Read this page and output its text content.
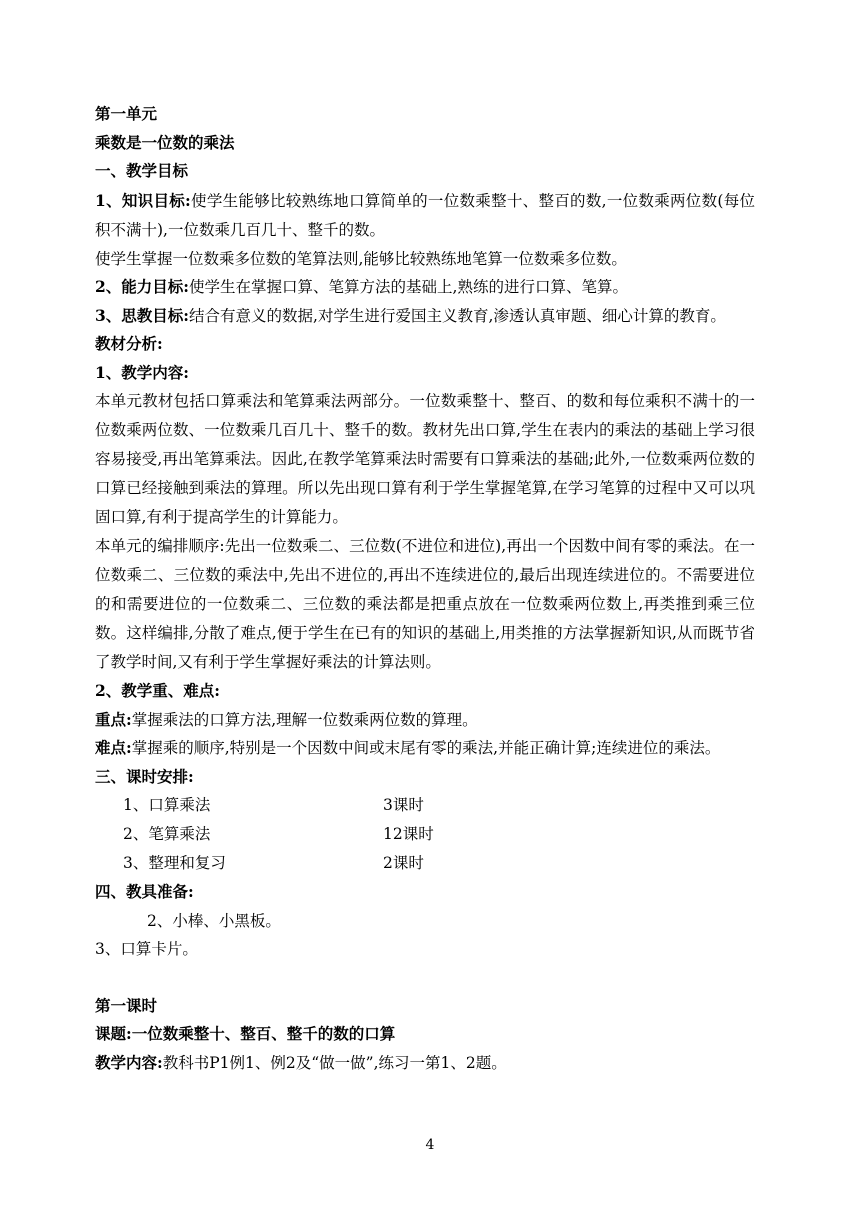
第一单元
乘数是一位数的乘法
一、教学目标
1、知识目标:使学生能够比较熟练地口算简单的一位数乘整十、整百的数,一位数乘两位数(每位积不满十),一位数乘几百几十、整千的数。
使学生掌握一位数乘多位数的笔算法则,能够比较熟练地笔算一位数乘多位数。
2、能力目标:使学生在掌握口算、笔算方法的基础上,熟练的进行口算、笔算。
3、思教目标:结合有意义的数据,对学生进行爱国主义教育,渗透认真审题、细心计算的教育。
教材分析:
1、教学内容:
本单元教材包括口算乘法和笔算乘法两部分。一位数乘整十、整百、的数和每位乘积不满十的一位数乘两位数、一位数乘几百几十、整千的数。教材先出口算,学生在表内的乘法的基础上学习很容易接受,再出笔算乘法。因此,在教学笔算乘法时需要有口算乘法的基础;此外,一位数乘两位数的口算已经接触到乘法的算理。所以先出现口算有利于学生掌握笔算,在学习笔算的过程中又可以巩固口算,有利于提高学生的计算能力。
本单元的编排顺序:先出一位数乘二、三位数(不进位和进位),再出一个因数中间有零的乘法。在一位数乘二、三位数的乘法中,先出不进位的,再出不连续进位的,最后出现连续进位的。不需要进位的和需要进位的一位数乘二、三位数的乘法都是把重点放在一位数乘两位数上,再类推到乘三位数。这样编排,分散了难点,便于学生在已有的知识的基础上,用类推的方法掌握新知识,从而既节省了教学时间,又有利于学生掌握好乘法的计算法则。
2、教学重、难点:
重点:掌握乘法的口算方法,理解一位数乘两位数的算理。
难点:掌握乘的顺序,特别是一个因数中间或末尾有零的乘法,并能正确计算;连续进位的乘法。
三、课时安排:
1、口算乘法	3课时
2、笔算乘法	12课时
3、整理和复习	2课时
四、教具准备:
2、小棒、小黑板。
3、口算卡片。
第一课时
课题:一位数乘整十、整百、整千的数的口算
教学内容:教科书P1例1、例2及“做一做”,练习一第1、2题。
4
